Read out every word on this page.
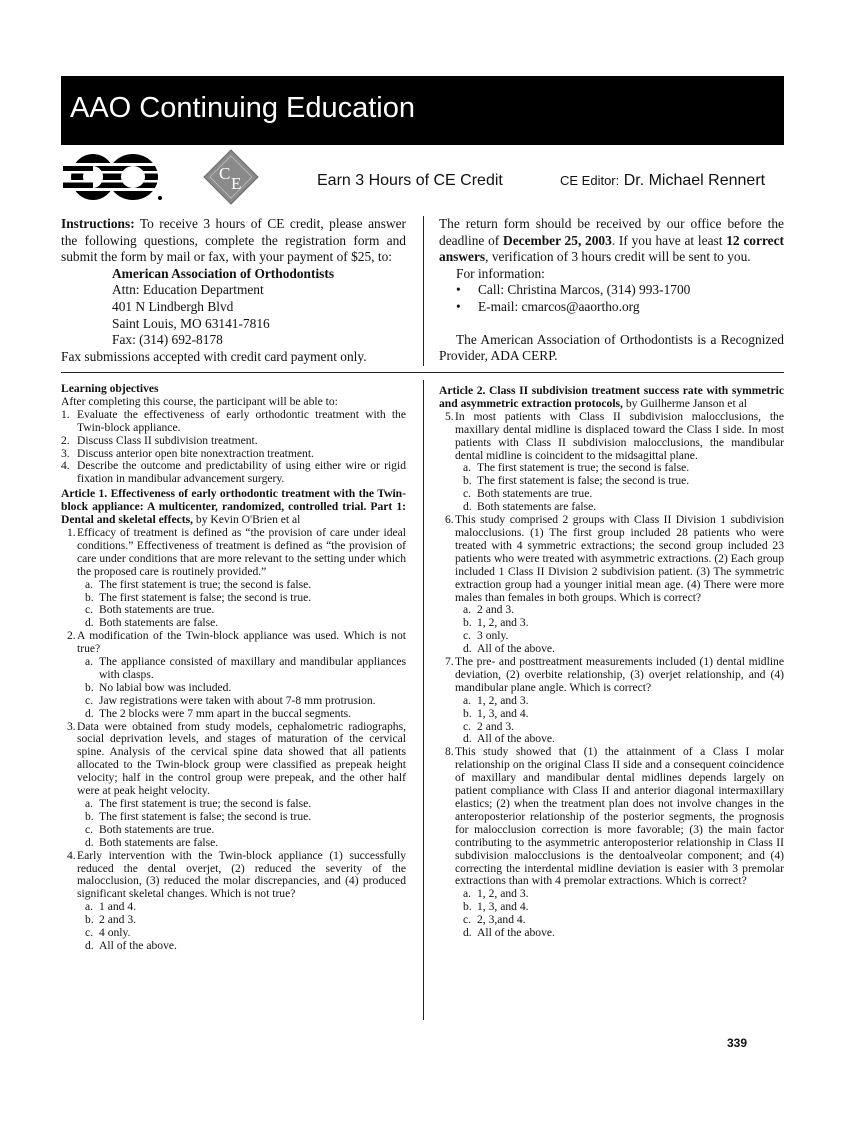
AAO Continuing Education
C
E	Earn 3 Hours of CE Credit	CE Editor: Dr. Michael Rennert

Instructions: To receive 3 hours of CE credit, please answer the following questions, complete the registration form and submit the form by mail or fax, with your payment of $25, to:

American Association of Orthodontists
Attn: Education Department
401 N Lindbergh Blvd
Saint Louis, MO 63141-7816
Fax: (314) 692-8178

Fax submissions accepted with credit card payment only.

The return form should be received by our office before the deadline of December 25, 2003. If you have at least 12 correct answers, verification of 3 hours credit will be sent to you.

For information:
• Call: Christina Marcos, (314) 993-1700
• E-mail: cmarcos@aaortho.org

The American Association of Orthodontists is a Recognized Provider, ADA CERP.

Learning objectives

After completing this course, the participant will be able to:

1. Evaluate the effectiveness of early orthodontic treatment with the Twin-block appliance.
2. Discuss Class II subdivision treatment.
3. Discuss anterior open bite nonextraction treatment.
4. Describe the outcome and predictability of using either wire or rigid fixation in mandibular advancement surgery.

Article 1. Effectiveness of early orthodontic treatment with the Twin-block appliance: A multicenter, randomized, controlled trial. Part 1: Dental and skeletal effects, by Kevin O'Brien et al

1. Efficacy of treatment is defined as “the provision of care under ideal conditions.” Effectiveness of treatment is defined as “the provision of care under conditions that are more relevant to the setting under which the proposed care is routinely provided.”
a. The first statement is true; the second is false.
b. The first statement is false; the second is true.
c. Both statements are true.
d. Both statements are false.
2. A modification of the Twin-block appliance was used. Which is not true?
a. The appliance consisted of maxillary and mandibular appliances with clasps.
b. No labial bow was included.
c. Jaw registrations were taken with about 7-8 mm protrusion.
d. The 2 blocks were 7 mm apart in the buccal segments.
3. Data were obtained from study models, cephalometric radiographs, social deprivation levels, and stages of maturation of the cervical spine. Analysis of the cervical spine data showed that all patients allocated to the Twin-block group were classified as prepeak height velocity; half in the control group were prepeak, and the other half were at peak height velocity.
a. The first statement is true; the second is false.
b. The first statement is false; the second is true.
c. Both statements are true.
d. Both statements are false.
4. Early intervention with the Twin-block appliance (1) successfully reduced the dental overjet, (2) reduced the severity of the malocclusion, (3) reduced the molar discrepancies, and (4) produced significant skeletal changes. Which is not true?
a. 1 and 4.
b. 2 and 3.
c. 4 only.
d. All of the above.

Article 2. Class II subdivision treatment success rate with symmetric and asymmetric extraction protocols, by Guilherme Janson et al

5. In most patients with Class II subdivision malocclusions, the maxillary dental midline is displaced toward the Class I side. In most patients with Class II subdivision malocclusions, the mandibular dental midline is coincident to the midsagittal plane.
a. The first statement is true; the second is false.
b. The first statement is false; the second is true.
c. Both statements are true.
d. Both statements are false.
6. This study comprised 2 groups with Class II Division 1 subdivision malocclusions. (1) The first group included 28 patients who were treated with 4 symmetric extractions; the second group included 23 patients who were treated with asymmetric extractions. (2) Each group included 1 Class II Division 2 subdivision patient. (3) The symmetric extraction group had a younger initial mean age. (4) There were more males than females in both groups. Which is correct?
a. 2 and 3.
b. 1, 2, and 3.
c. 3 only.
d. All of the above.
7. The pre- and posttreatment measurements included (1) dental midline deviation, (2) overbite relationship, (3) overjet relationship, and (4) mandibular plane angle. Which is correct?
a. 1, 2, and 3.
b. 1, 3, and 4.
c. 2 and 3.
d. All of the above.
8. This study showed that (1) the attainment of a Class I molar relationship on the original Class II side and a consequent coincidence of maxillary and mandibular dental midlines depends largely on patient compliance with Class II and anterior diagonal intermaxillary elastics; (2) when the treatment plan does not involve changes in the anteroposterior relationship of the posterior segments, the prognosis for malocclusion correction is more favorable; (3) the main factor contributing to the asymmetric anteroposterior relationship in Class II subdivision malocclusions is the dentoalveolar component; and (4) correcting the interdental midline deviation is easier with 3 premolar extractions than with 4 premolar extractions. Which is correct?
a. 1, 2, and 3.
b. 1, 3, and 4.
c. 2, 3,and 4.
d. All of the above.
339
